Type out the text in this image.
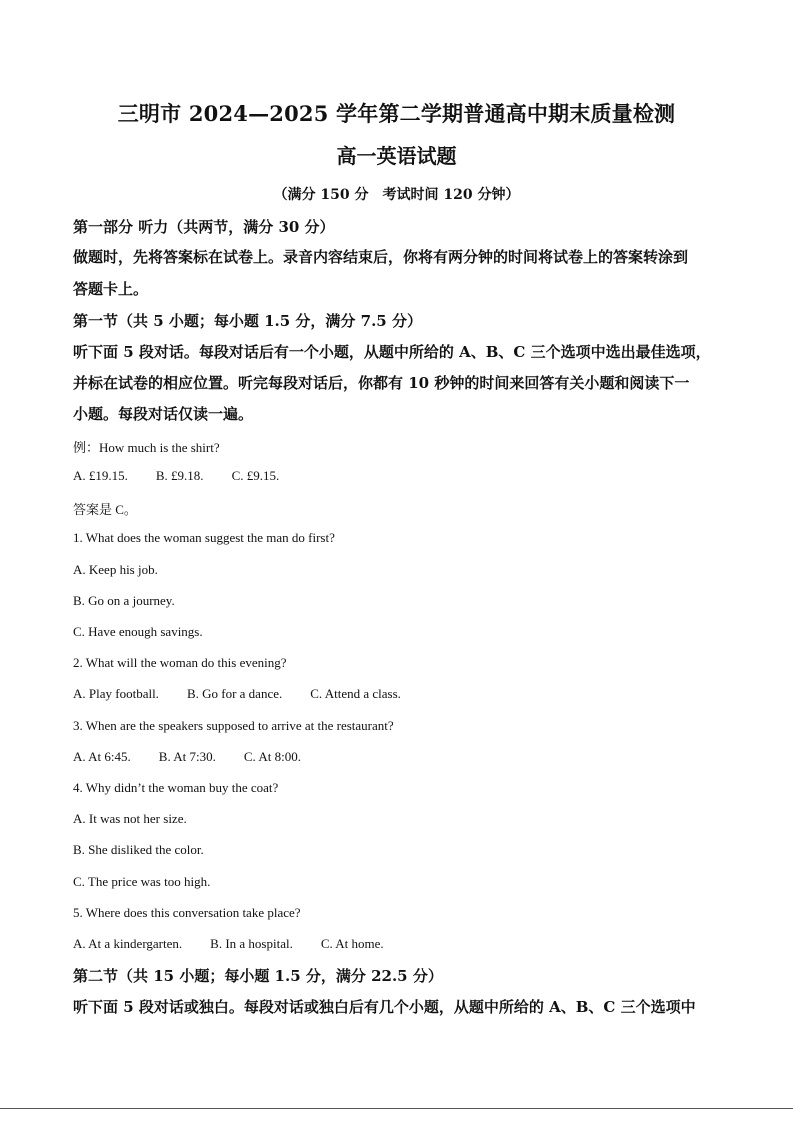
三明市 2024—2025 学年第二学期普通高中期末质量检测
高一英语试题
（满分 150 分　考试时间 120 分钟）
第一部分 听力（共两节，满分 30 分）
做题时，先将答案标在试卷上。录音内容结束后，你将有两分钟的时间将试卷上的答案转涂到
答题卡上。
第一节（共 5 小题；每小题 1.5 分，满分 7.5 分）
听下面 5 段对话。每段对话后有一个小题，从题中所给的 A、B、C 三个选项中选出最佳选项，
并标在试卷的相应位置。听完每段对话后，你都有 10 秒钟的时间来回答有关小题和阅读下一
小题。每段对话仅读一遍。
例：How much is the shirt?
A. £19.15. B. £9.18. C. £9.15.
答案是 C。
1. What does the woman suggest the man do first?
A. Keep his job.
B. Go on a journey.
C. Have enough savings.
2. What will the woman do this evening?
A. Play football. B. Go for a dance. C. Attend a class.
3. When are the speakers supposed to arrive at the restaurant?
A. At 6:45. B. At 7:30. C. At 8:00.
4. Why didn’t the woman buy the coat?
A. It was not her size.
B. She disliked the color.
C. The price was too high.
5. Where does this conversation take place?
A. At a kindergarten. B. In a hospital. C. At home.
第二节（共 15 小题；每小题 1.5 分，满分 22.5 分）
听下面 5 段对话或独白。每段对话或独白后有几个小题，从题中所给的 A、B、C 三个选项中
